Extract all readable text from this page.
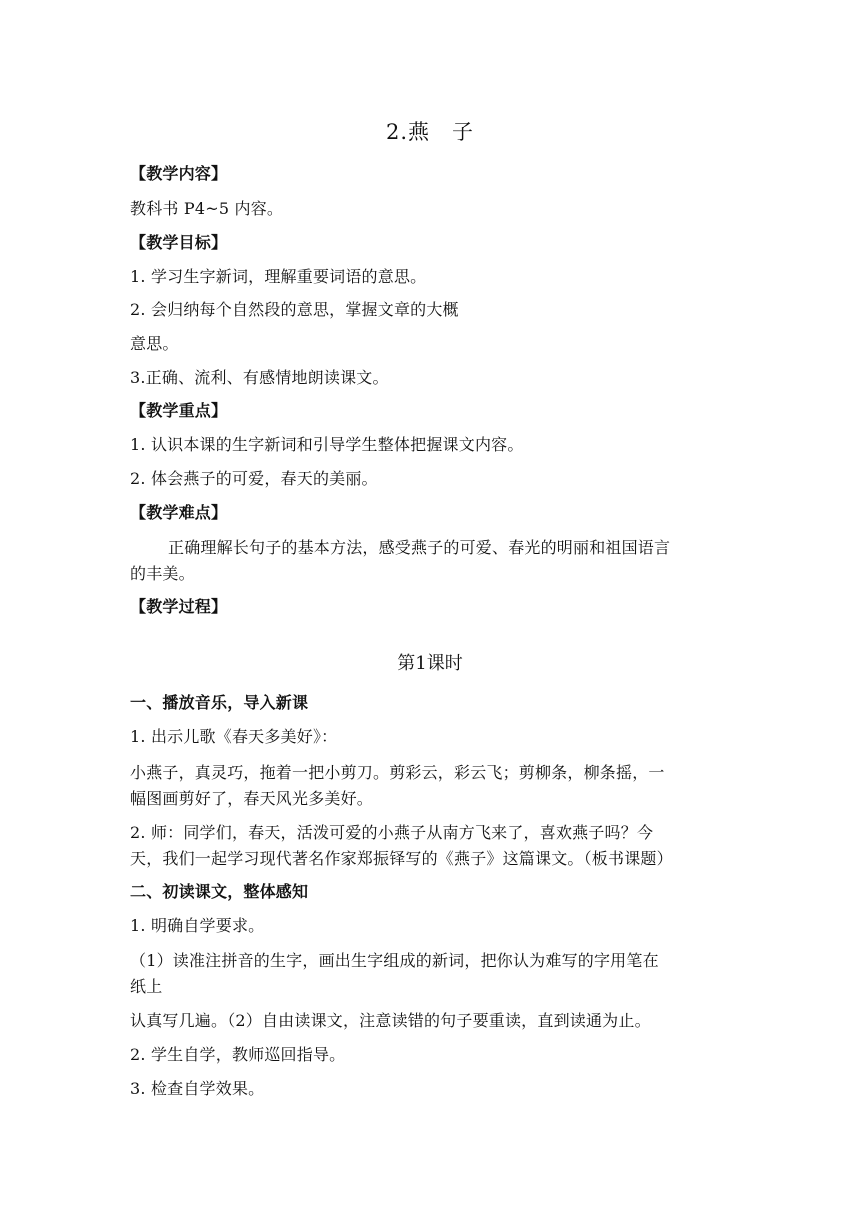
2.燕　子
【教学内容】
教科书 P4~5 内容。
【教学目标】
1. 学习生字新词，理解重要词语的意思。
2. 会归纳每个自然段的意思，掌握文章的大概
意思。
3.正确、流利、有感情地朗读课文。
【教学重点】
1. 认识本课的生字新词和引导学生整体把握课文内容。
2. 体会燕子的可爱，春天的美丽。
【教学难点】
正确理解长句子的基本方法，感受燕子的可爱、春光的明丽和祖国语言
的丰美。
【教学过程】
第1课时
一、播放音乐，导入新课
1. 出示儿歌《春天多美好》：
小燕子，真灵巧，拖着一把小剪刀。剪彩云，彩云飞；剪柳条，柳条摇，一
幅图画剪好了，春天风光多美好。
2. 师：同学们，春天，活泼可爱的小燕子从南方飞来了，喜欢燕子吗？今
天，我们一起学习现代著名作家郑振铎写的《燕子》这篇课文。（板书课题）
二、初读课文，整体感知
1. 明确自学要求。
（1）读准注拼音的生字，画出生字组成的新词，把你认为难写的字用笔在
纸上
认真写几遍。（2）自由读课文，注意读错的句子要重读，直到读通为止。
2. 学生自学，教师巡回指导。
3. 检查自学效果。
